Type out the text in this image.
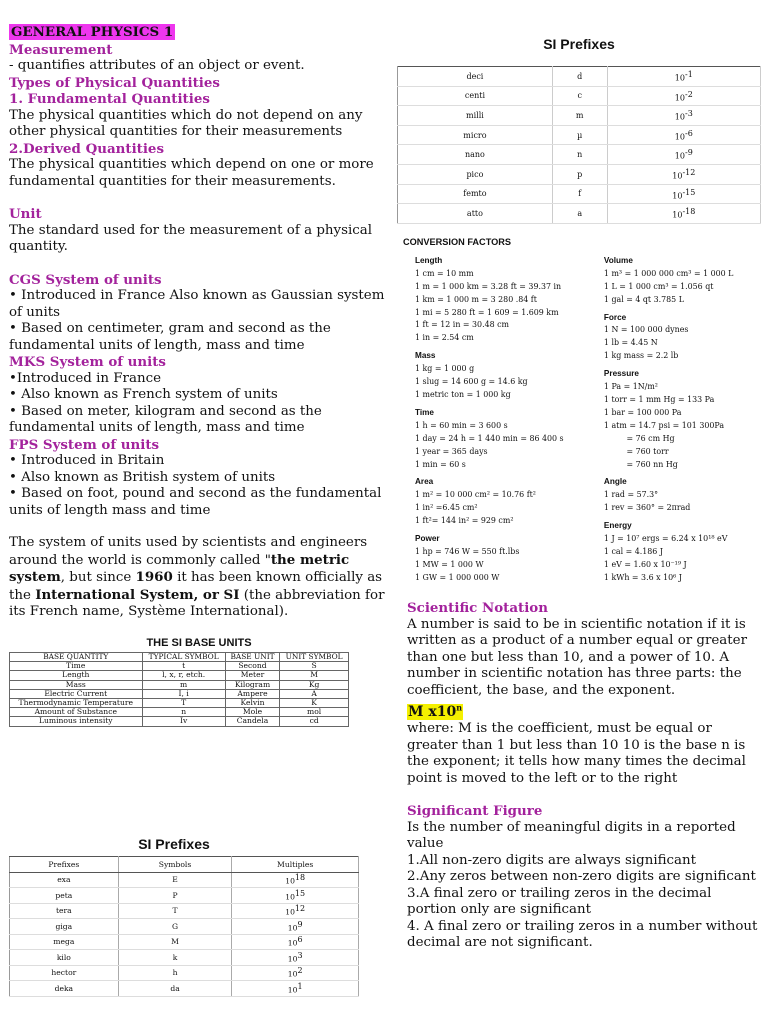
GENERAL PHYSICS 1

Measurement

- quantifies attributes of an object or event.

Types of Physical Quantities

1. Fundamental Quantities

The physical quantities which do not depend on any other physical quantities for their measurements

2.Derived Quantities

The physical quantities which depend on one or more fundamental quantities for their measurements.

Unit

The standard used for the measurement of a physical quantity.

CGS System of units

• Introduced in France Also known as Gaussian system of units

• Based on centimeter, gram and second as the fundamental units of length, mass and time

MKS System of units

•Introduced in France

• Also known as French system of units

• Based on meter, kilogram and second as the fundamental units of length, mass and time

FPS System of units

• Introduced in Britain

• Also known as British system of units

• Based on foot, pound and second as the fundamental units of length mass and time

The system of units used by scientists and engineers around the world is commonly called "the metric system, but since 1960 it has been known officially as the International System, or SI (the abbreviation for its French name, Système International).

THE SI BASE UNITS
BASE QUANTITY	TYPICAL SYMBOL	BASE UNIT	UNIT SYMBOL
Time	t	Second	S
Length	l, x, r, etch.	Meter	M
Mass	m	Kilogram	Kg
Electric Current	I, i	Ampere	A
Thermodynamic Temperature	T	Kelvin	K
Amount of Substance	n	Mole	mol
Luminous intensity	Iv	Candela	cd
SI Prefixes
Prefixes	Symbols	Multiples
exa	E	$10^{18}$
peta	P	$10^{15}$
tera	T	$10^{12}$
giga	G	$10^9$
mega	M	$10^6$
kilo	k	$10^3$
hector	h	$10^2$
deka	da	$10^1$
SI Prefixes
deci	d	$10^{-1}$
centi	c	$10^{-2}$
milli	m	$10^{-3}$
micro	µ	$10^{-6}$
nano	n	$10^{-9}$
pico	p	$10^{-12}$
femto	f	$10^{-15}$
atto	a	$10^{-18}$
CONVERSION FACTORS
Length
1 cm = 10 mm
1 m = 1 000 km = 3.28 ft = 39.37 in
1 km = 1 000 m = 3 280 .84 ft
1 mi = 5 280 ft = 1 609 = 1.609 km
1 ft = 12 in = 30.48 cm
1 in = 2.54 cm
Mass
1 kg = 1 000 g
1 slug = 14 600 g = 14.6 kg
1 metric ton = 1 000 kg
Time
1 h = 60 min = 3 600 s
1 day = 24 h = 1 440 min = 86 400 s
1 year = 365 days
1 min = 60 s
Area
1 m² = 10 000 cm² = 10.76 ft²
1 in² =6.45 cm²
1 ft²= 144 in² = 929 cm²
Power
1 hp = 746 W = 550 ft.lbs
1 MW = 1 000 W
1 GW = 1 000 000 W
Volume
1 m³ = 1 000 000 cm³ = 1 000 L
1 L = 1 000 cm³ = 1.056 qt
1 gal = 4 qt 3.785 L
Force
1 N = 100 000 dynes
1 lb = 4.45 N
1 kg mass = 2.2 lb
Pressure
1 Pa = 1N/m²
1 torr = 1 mm Hg = 133 Pa
1 bar = 100 000 Pa
1 atm = 14.7 psi = 101 300Pa
= 76 cm Hg
= 760 torr
= 760 nn Hg
Angle
1 rad = 57.3°
1 rev = 360° = 2πrad
Energy
1 J = 10⁷ ergs = 6.24 x 10¹⁸ eV
1 cal = 4.186 J
1 eV = 1.60 x 10⁻¹⁹ J
1 kWh = 3.6 x 10⁶ J

Scientific Notation

A number is said to be in scientific notation if it is written as a product of a number equal or greater than one but less than 10, and a power of 10. A number in scientific notation has three parts: the coefficient, the base, and the exponent.

M x10$^n$

where: M is the coefficient, must be equal or greater than 1 but less than 10 10 is the base n is the exponent; it tells how many times the decimal point is moved to the left or to the right

Significant Figure

Is the number of meaningful digits in a reported value

1.All non-zero digits are always significant

2.Any zeros between non-zero digits are significant

3.A final zero or trailing zeros in the decimal portion only are significant

4. A final zero or trailing zeros in a number without decimal are not significant.
